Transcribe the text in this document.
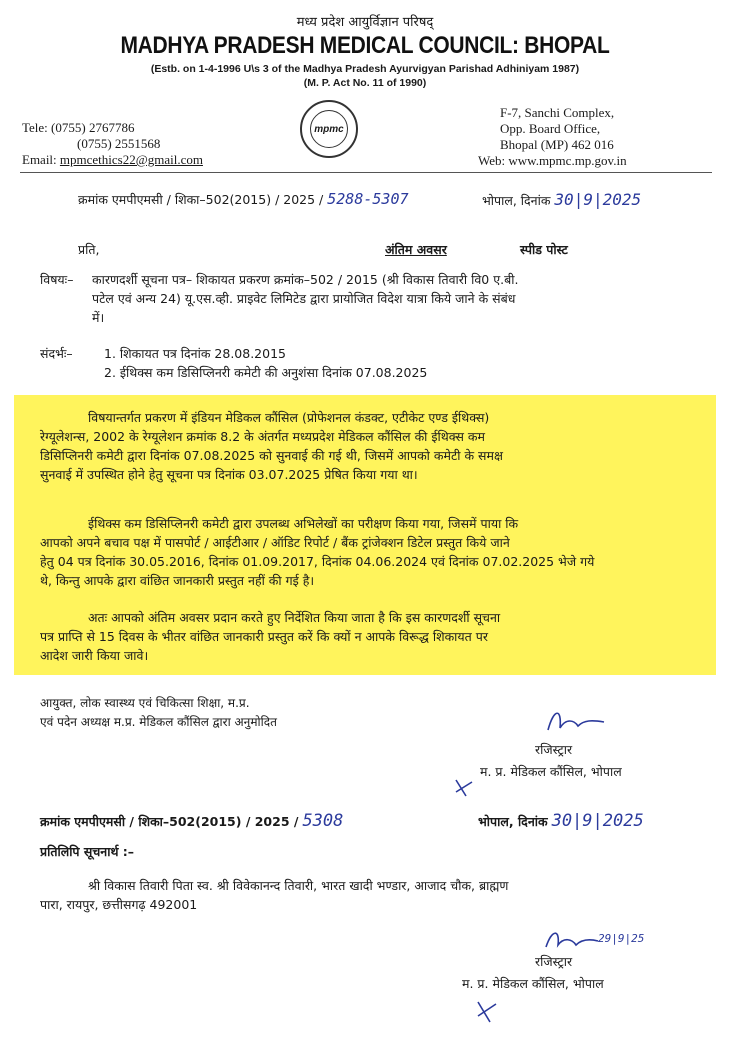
मध्य प्रदेश आयुर्विज्ञान परिषद्
MADHYA PRADESH MEDICAL COUNCIL: BHOPAL
(Estb. on 1-4-1996 U\s 3 of the Madhya Pradesh Ayurvigyan Parishad Adhiniyam 1987)
(M. P. Act No. 11 of 1990)
Tele: (0755) 2767786
(0755) 2551568
Email: mpmcethics22@gmail.com
mpmc
F-7, Sanchi Complex,
Opp. Board Office,
Bhopal (MP) 462 016
Web: www.mpmc.mp.gov.in
क्रमांक एमपीएमसी / शिका–502(2015) / 2025 / 5288-5307	भोपाल, दिनांक 30|9|2025
प्रति,	अंतिम अवसर	स्पीड पोस्ट
विषयः– कारणदर्शी सूचना पत्र– शिकायत प्रकरण क्रमांक–502 / 2015 (श्री विकास तिवारी वि0 ए.बी.
पटेल एवं अन्य 24) यू.एस.व्ही. प्राइवेट लिमिटेड द्वारा प्रायोजित विदेश यात्रा किये जाने के संबंध
में।
संदर्भः–	1. शिकायत पत्र दिनांक 28.08.2015
2. ईथिक्स कम डिसिप्लिनरी कमेटी की अनुशंसा दिनांक 07.08.2025
विषयान्तर्गत प्रकरण में इंडियन मेडिकल कौंसिल (प्रोफेशनल कंडक्ट, एटीकेट एण्ड ईथिक्स)
रेग्यूलेशन्स, 2002 के रेग्यूलेशन क्रमांक 8.2 के अंतर्गत मध्यप्रदेश मेडिकल कौंसिल की ईथिक्स कम
डिसिप्लिनरी कमेटी द्वारा दिनांक 07.08.2025 को सुनवाई की गई थी, जिसमें आपको कमेटी के समक्ष
सुनवाई में उपस्थित होने हेतु सूचना पत्र दिनांक 03.07.2025 प्रेषित किया गया था।
ईथिक्स कम डिसिप्लिनरी कमेटी द्वारा उपलब्ध अभिलेखों का परीक्षण किया गया, जिसमें पाया कि
आपको अपने बचाव पक्ष में पासपोर्ट / आईटीआर / ऑडिट रिपोर्ट / बैंक ट्रांजेक्शन डिटेल प्रस्तुत किये जाने
हेतु 04 पत्र दिनांक 30.05.2016, दिनांक 01.09.2017, दिनांक 04.06.2024 एवं दिनांक 07.02.2025 भेजे गये
थे, किन्तु आपके द्वारा वांछित जानकारी प्रस्तुत नहीं की गई है।
अतः आपको अंतिम अवसर प्रदान करते हुए निर्देशित किया जाता है कि इस कारणदर्शी सूचना
पत्र प्राप्ति से 15 दिवस के भीतर वांछित जानकारी प्रस्तुत करें कि क्यों न आपके विरूद्ध शिकायत पर
आदेश जारी किया जावे।
आयुक्त, लोक स्वास्थ्य एवं चिकित्सा शिक्षा, म.प्र.
एवं पदेन अध्यक्ष म.प्र. मेडिकल कौंसिल द्वारा अनुमोदित
रजिस्ट्रार
म. प्र. मेडिकल कौंसिल, भोपाल
क्रमांक एमपीएमसी / शिका–502(2015) / 2025 / 5308	भोपाल, दिनांक 30|9|2025
प्रतिलिपि सूचनार्थ :–
श्री विकास तिवारी पिता स्व. श्री विवेकानन्द तिवारी, भारत खादी भण्डार, आजाद चौक, ब्राह्मण
पारा, रायपुर, छत्तीसगढ़ 492001
29|9|25
रजिस्ट्रार
म. प्र. मेडिकल कौंसिल, भोपाल
